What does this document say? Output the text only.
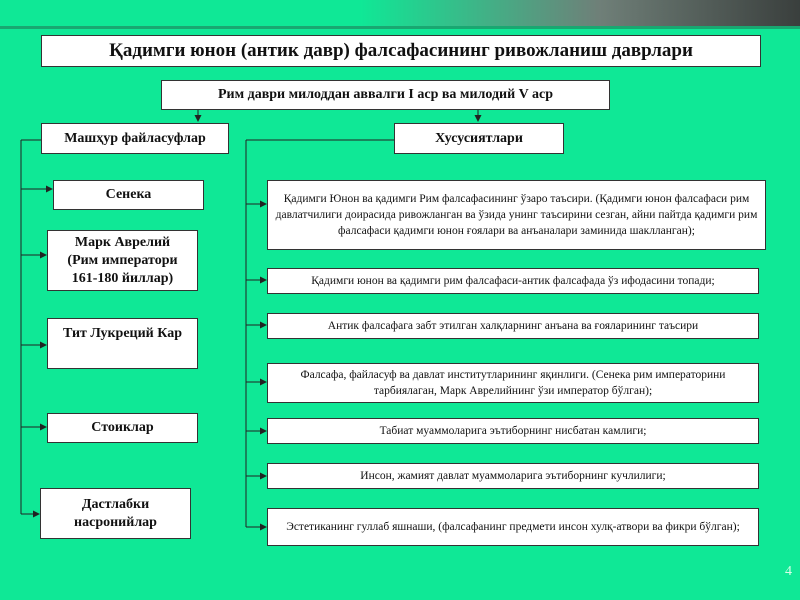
Қадимги юнон (антик давр) фалсафасининг ривожланиш даврлари
Рим даври милоддан аввалги I аср ва милодий V аср
Машҳур файласуфлар	Хусусиятлари
Сенека
Марк Аврелий
(Рим императори
161-180 йиллар)
Тит Лукреций Кар
Стоиклар
Дастлабки
насронийлар
Қадимги Юнон ва қадимги Рим фалсафасининг ўзаро таъсири. (Қадимги юнон фалсафаси рим давлатчилиги доирасида ривожланган ва ўзида унинг таъсирини сезган, айни пайтда қадимги рим фалсафаси қадимги юнон ғоялари ва анъаналари заминида шаклланган);
Қадимги юнон ва қадимги рим фалсафаси-антик фалсафада ўз ифодасини топади;
Антик фалсафага забт этилган халқларнинг анъана ва ғояларининг таъсири
Фалсафа, файласуф ва давлат институтларининг яқинлиги. (Сенека рим императорини тарбиялаган, Марк Аврелийнинг ўзи император бўлган);
Табиат муаммоларига эътиборнинг нисбатан камлиги;
Инсон, жамият давлат муаммоларига эътиборнинг кучлилиги;
Эстетиканинг гуллаб яшнаши, (фалсафанинг предмети инсон хулқ-атвори ва фикри бўлган);
4
